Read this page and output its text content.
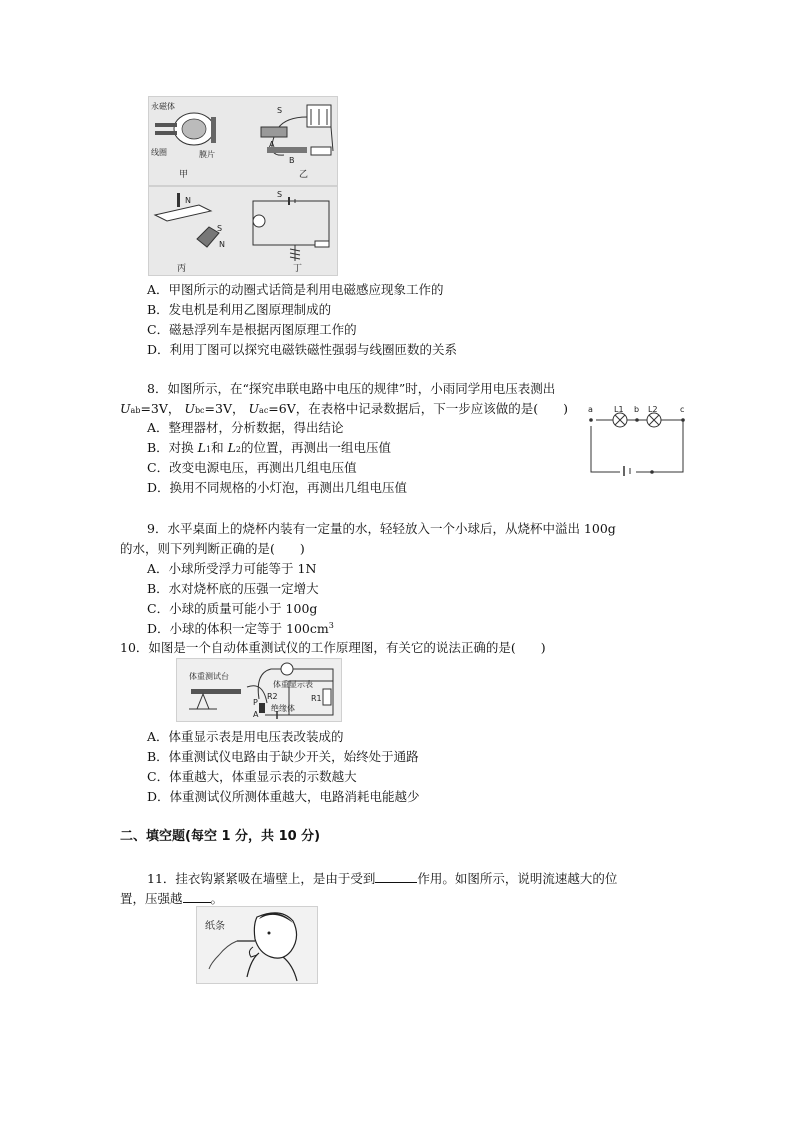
永磁体
线圈	膜片
甲
A
B
S
乙
N
S
N
丙
S
丁
A．甲图所示的动圈式话筒是利用电磁感应现象工作的
B．发电机是利用乙图原理制成的
C．磁悬浮列车是根据丙图原理工作的
D．利用丁图可以探究电磁铁磁性强弱与线圈匝数的关系
8．如图所示，在“探究串联电路中电压的规律”时，小雨同学用电压表测出
Uab=3V， Ubc=3V， Uac=6V，在表格中记录数据后，下一步应该做的是(　　)
A．整理器材，分析数据，得出结论
B．对换 L1和 L2的位置，再测出一组电压值
C．改变电源电压，再测出几组电压值
D．换用不同规格的小灯泡，再测出几组电压值
a	L1 b L2	c
9．水平桌面上的烧杯内装有一定量的水，轻轻放入一个小球后，从烧杯中溢出 100g
的水，则下列判断正确的是(　　)
A．小球所受浮力可能等于 1N
B．水对烧杯底的压强一定增大
C．小球的质量可能小于 100g
D．小球的体积一定等于 $100cm^3$
10．如图是一个自动体重测试仪的工作原理图，有关它的说法正确的是(　　)
体重测试台
体重显示表
R2	R1
绝缘体
P
A
A．体重显示表是用电压表改装成的
B．体重测试仪电路由于缺少开关，始终处于通路
C．体重越大，体重显示表的示数越大
D．体重测试仪所测体重越大，电路消耗电能越少
二、填空题(每空 1 分，共 10 分)
11．挂衣钩紧紧吸在墙壁上，是由于受到	作用。如图所示，说明流速越大的位
置，压强越 。
纸条
